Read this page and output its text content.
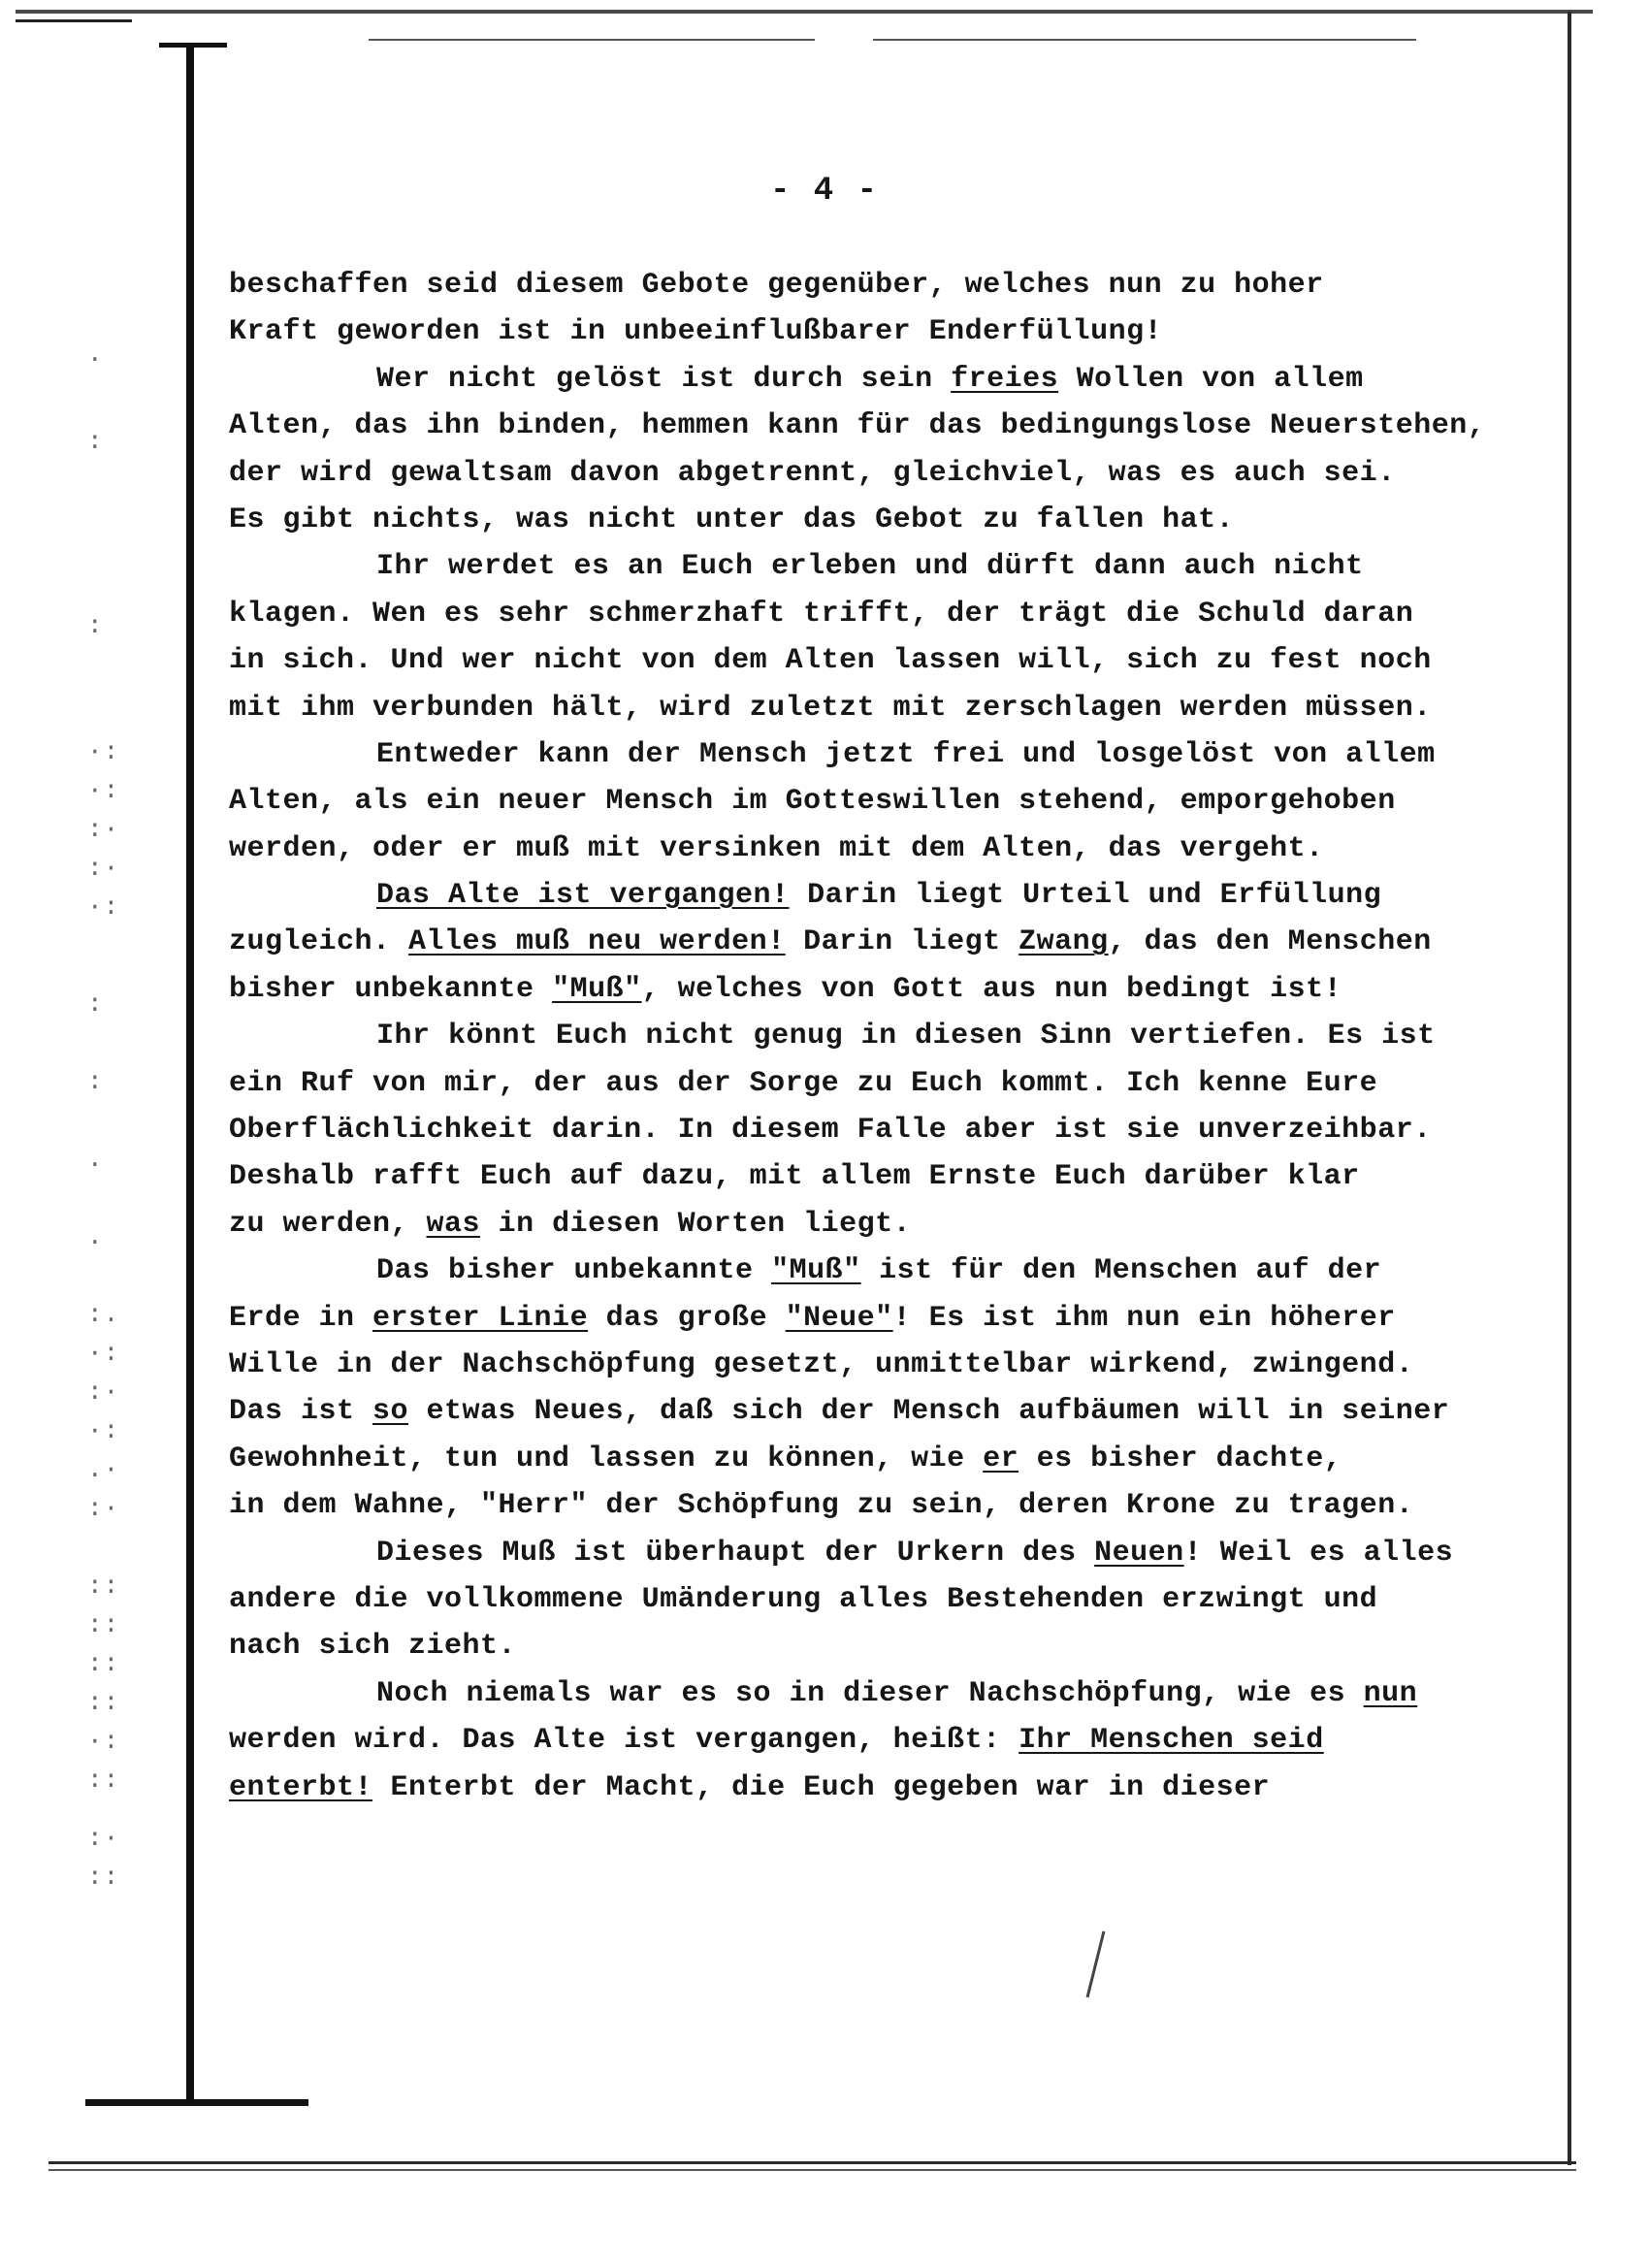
.
:
:
·:
·:
:·
:·
·:
:
:
.
.
:.
·:
:·
·:
.·
:·
::
::
::
::
·:
::
:·
::
- 4 -
beschaffen seid diesem Gebote gegenüber, welches nun zu hoher
Kraft geworden ist in unbeeinflußbarer Enderfüllung!
Wer nicht gelöst ist durch sein freies Wollen von allem
Alten, das ihn binden, hemmen kann für das bedingungslose Neuerstehen,
der wird gewaltsam davon abgetrennt, gleichviel, was es auch sei.
Es gibt nichts, was nicht unter das Gebot zu fallen hat.
Ihr werdet es an Euch erleben und dürft dann auch nicht
klagen. Wen es sehr schmerzhaft trifft, der trägt die Schuld daran
in sich. Und wer nicht von dem Alten lassen will, sich zu fest noch
mit ihm verbunden hält, wird zuletzt mit zerschlagen werden müssen.
Entweder kann der Mensch jetzt frei und losgelöst von allem
Alten, als ein neuer Mensch im Gotteswillen stehend, emporgehoben
werden, oder er muß mit versinken mit dem Alten, das vergeht.
Das Alte ist vergangen! Darin liegt Urteil und Erfüllung
zugleich. Alles muß neu werden! Darin liegt Zwang, das den Menschen
bisher unbekannte "Muß", welches von Gott aus nun bedingt ist!
Ihr könnt Euch nicht genug in diesen Sinn vertiefen. Es ist
ein Ruf von mir, der aus der Sorge zu Euch kommt. Ich kenne Eure
Oberflächlichkeit darin. In diesem Falle aber ist sie unverzeihbar.
Deshalb rafft Euch auf dazu, mit allem Ernste Euch darüber klar
zu werden, was in diesen Worten liegt.
Das bisher unbekannte "Muß" ist für den Menschen auf der
Erde in erster Linie das große "Neue"! Es ist ihm nun ein höherer
Wille in der Nachschöpfung gesetzt, unmittelbar wirkend, zwingend.
Das ist so etwas Neues, daß sich der Mensch aufbäumen will in seiner
Gewohnheit, tun und lassen zu können, wie er es bisher dachte,
in dem Wahne, "Herr" der Schöpfung zu sein, deren Krone zu tragen.
Dieses Muß ist überhaupt der Urkern des Neuen! Weil es alles
andere die vollkommene Umänderung alles Bestehenden erzwingt und
nach sich zieht.
Noch niemals war es so in dieser Nachschöpfung, wie es nun
werden wird. Das Alte ist vergangen, heißt: Ihr Menschen seid
enterbt! Enterbt der Macht, die Euch gegeben war in dieser
